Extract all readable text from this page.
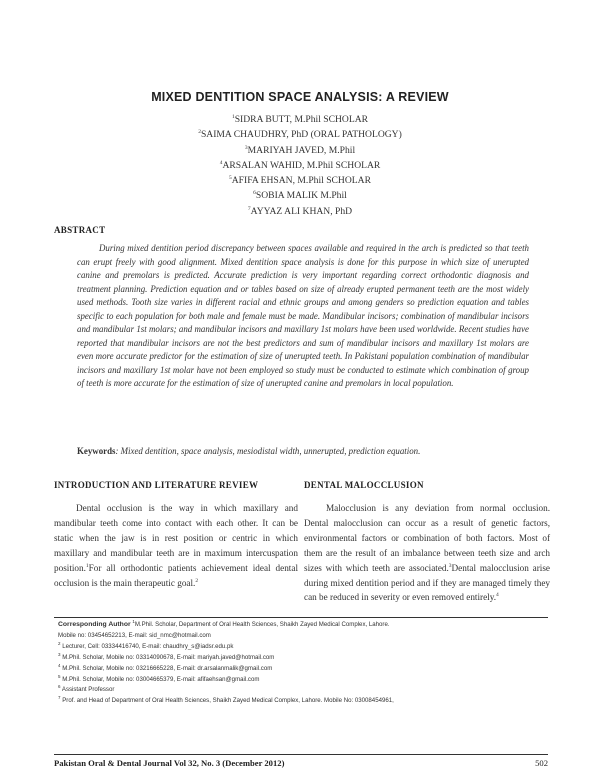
MIXED DENTITION SPACE ANALYSIS: A REVIEW
$^1$SIDRA BUTT, M.Phil SCHOLAR
$^2$SAIMA CHAUDHRY, PhD (ORAL PATHOLOGY)
$^3$MARIYAH JAVED, M.Phil
$^4$ARSALAN WAHID, M.Phil SCHOLAR
$^5$AFIFA EHSAN, M.Phil SCHOLAR
$^6$SOBIA MALIK M.Phil
$^7$AYYAZ ALI KHAN, PhD
ABSTRACT
During mixed dentition period discrepancy between spaces available and required in the arch is predicted so that teeth can erupt freely with good alignment. Mixed dentition space analysis is done for this purpose in which size of unerupted canine and premolars is predicted. Accurate prediction is very important regarding correct orthodontic diagnosis and treatment planning. Prediction equation and or tables based on size of already erupted permanent teeth are the most widely used methods. Tooth size varies in different racial and ethnic groups and among genders so prediction equation and tables specific to each population for both male and female must be made. Mandibular incisors; combination of mandibular incisors and mandibular 1st molars; and mandibular incisors and maxillary 1st molars have been used worldwide. Recent studies have reported that mandibular incisors are not the best predictors and sum of mandibular incisors and maxillary 1st molars are even more accurate predictor for the estimation of size of unerupted teeth. In Pakistani population combination of mandibular incisors and maxillary 1st molar have not been employed so study must be conducted to estimate which combination of group of teeth is more accurate for the estimation of size of unerupted canine and premolars in local population.
Keywords: Mixed dentition, space analysis, mesiodistal width, unnerupted, prediction equation.
INTRODUCTION AND LITERATURE REVIEW

Dental occlusion is the way in which maxillary and mandibular teeth come into contact with each other. It can be static when the jaw is in rest position or centric in which maxillary and mandibular teeth are in maximum intercuspation position.$^1$For all orthodontic patients achievement ideal dental occlusion is the main therapeutic goal.$^2$

DENTAL MALOCCLUSION

Malocclusion is any deviation from normal occlusion. Dental malocclusion can occur as a result of genetic factors, environmental factors or combination of both factors. Most of them are the result of an imbalance between teeth size and arch sizes with which teeth are associated.$^3$Dental malocclusion arise during mixed dentition period and if they are managed timely they can be reduced in severity or even removed entirely.$^4$

Corresponding Author $^1$M.Phil. Scholar, Department of Oral Health Sciences, Shaikh Zayed Medical Complex, Lahore.
Mobile no: 03454652213, E-mail: sid_nmc@hotmail.com
$^2$ Lecturer, Cell: 03334416740, E-mail: chaudhry_s@iadsr.edu.pk
$^3$ M.Phil. Scholar, Mobile no: 03314090678, E-mail: mariyah.javed@hotmail.com
$^4$ M.Phil. Scholar, Mobile no: 03216665228, E-mail: dr.arsalanmalik@gmail.com
$^5$ M.Phil. Scholar, Mobile no: 03004665379, E-mail: afifaehsan@gmail.com
$^6$ Assistant Professor
$^7$ Prof. and Head of Department of Oral Health Sciences, Shaikh Zayed Medical Complex, Lahore. Mobile No: 03008454961,
Pakistan Oral & Dental Journal Vol 32, No. 3 (December 2012)	502
